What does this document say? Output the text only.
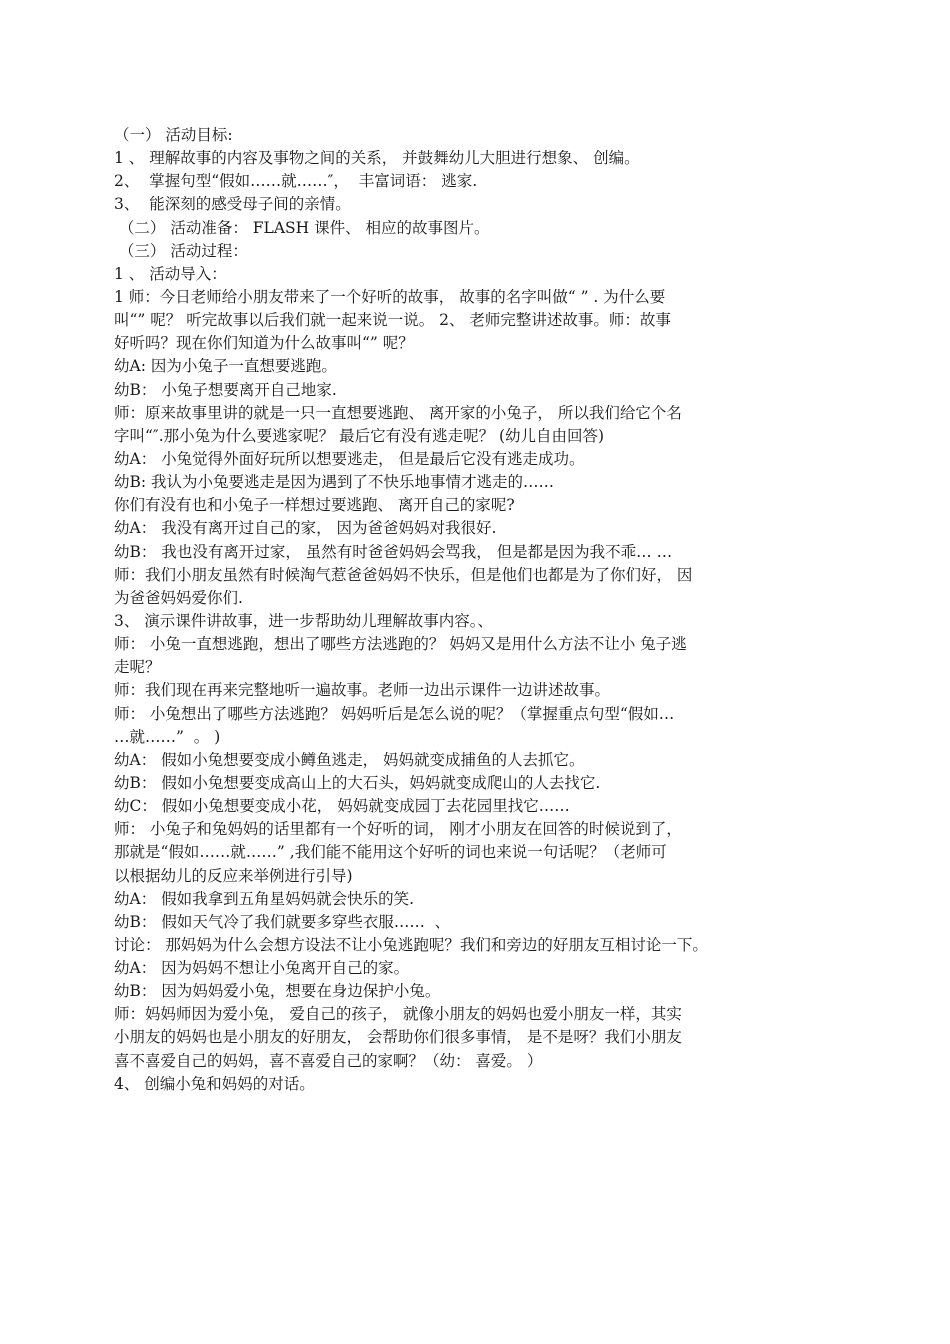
（一） 活动目标:
1 、 理解故事的内容及事物之间的关系， 并鼓舞幼儿大胆进行想象、 创编。
2、  掌握句型“假如……就……″，  丰富词语： 逃家.
3、  能深刻的感受母子间的亲情。
（二） 活动准备： FLASH 课件、 相应的故事图片。
（三） 活动过程：
1 、 活动导入：
1 师：今日老师给小朋友带来了一个好听的故事， 故事的名字叫做“ ” . 为什么要
叫“” 呢？ 听完故事以后我们就一起来说一说。 2、 老师完整讲述故事。师：故事
好听吗？现在你们知道为什么故事叫“” 呢？
幼A: 因为小兔子一直想要逃跑。
幼B： 小兔子想要离开自己地家.
师：原来故事里讲的就是一只一直想要逃跑、 离开家的小兔子， 所以我们给它个名
字叫“″.那小兔为什么要逃家呢？ 最后它有没有逃走呢？ (幼儿自由回答)
幼A： 小兔觉得外面好玩所以想要逃走， 但是最后它没有逃走成功。
幼B: 我认为小兔要逃走是因为遇到了不快乐地事情才逃走的……
你们有没有也和小兔子一样想过要逃跑、 离开自己的家呢?
幼A： 我没有离开过自己的家， 因为爸爸妈妈对我很好.
幼B： 我也没有离开过家， 虽然有时爸爸妈妈会骂我， 但是都是因为我不乖… …
师：我们小朋友虽然有时候淘气惹爸爸妈妈不快乐，但是他们也都是为了你们好， 因
为爸爸妈妈爱你们.
3、 演示课件讲故事，进一步帮助幼儿理解故事内容。、
师： 小兔一直想逃跑，想出了哪些方法逃跑的？ 妈妈又是用什么方法不让小 兔子逃
走呢？
师：我们现在再来完整地听一遍故事。老师一边出示课件一边讲述故事。
师： 小兔想出了哪些方法逃跑？ 妈妈听后是怎么说的呢？（掌握重点句型“假如…
…就……”  。 )
幼A： 假如小兔想要变成小鳟鱼逃走， 妈妈就变成捕鱼的人去抓它。
幼B： 假如小兔想要变成高山上的大石头，妈妈就变成爬山的人去找它.
幼C： 假如小兔想要变成小花， 妈妈就变成园丁去花园里找它……
师： 小兔子和兔妈妈的话里都有一个好听的词， 刚才小朋友在回答的时候说到了，
那就是“假如……就……” ,我们能不能用这个好听的词也来说一句话呢？（老师可
以根据幼儿的反应来举例进行引导)
幼A： 假如我拿到五角星妈妈就会快乐的笑.
幼B： 假如天气冷了我们就要多穿些衣服……  、
讨论： 那妈妈为什么会想方设法不让小兔逃跑呢？我们和旁边的好朋友互相讨论一下。
幼A： 因为妈妈不想让小兔离开自己的家。
幼B： 因为妈妈爱小兔，想要在身边保护小兔。
师：妈妈师因为爱小兔， 爱自己的孩子， 就像小朋友的妈妈也爱小朋友一样，其实
小朋友的妈妈也是小朋友的好朋友， 会帮助你们很多事情， 是不是呀？我们小朋友
喜不喜爱自己的妈妈，喜不喜爱自己的家啊？（幼： 喜爱。 ）
4、 创编小兔和妈妈的对话。
